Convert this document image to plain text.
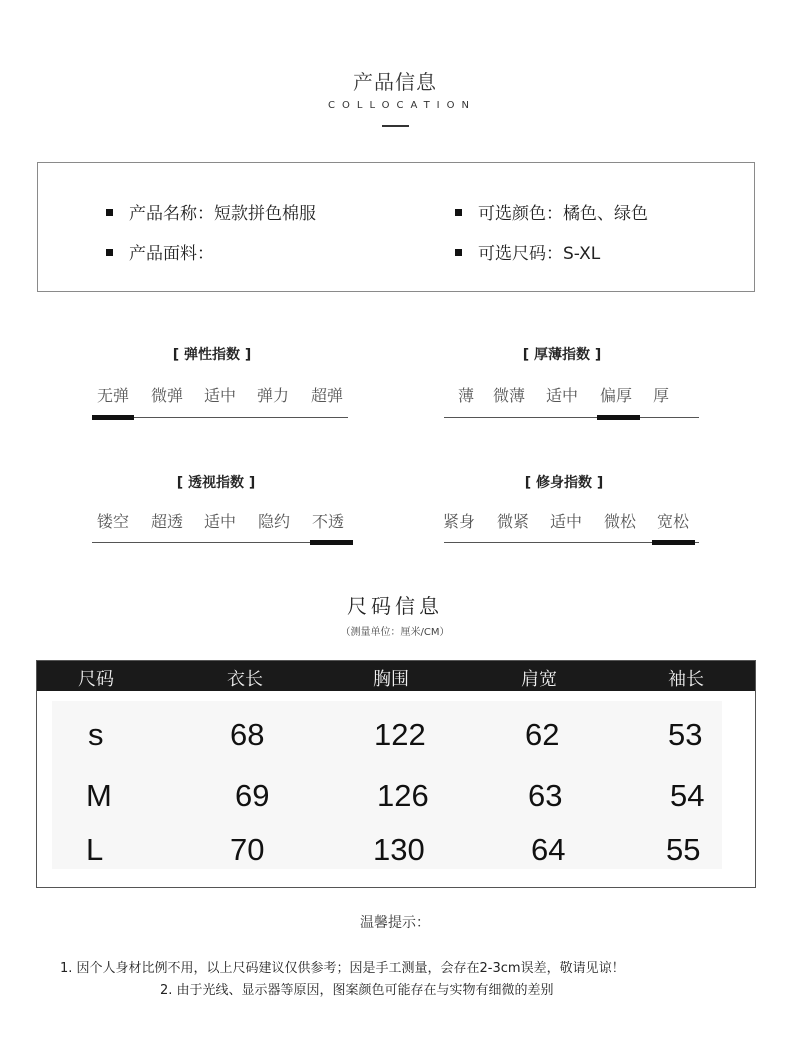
产品信息
COLLOCATION
产品名称：短款拼色棉服
产品面料：
可选颜色：橘色、绿色
可选尺码：S-XL
[ 弹性指数 ]
无弹 微弹 适中 弹力 超弹
[ 厚薄指数 ]
薄 微薄 适中 偏厚 厚
[ 透视指数 ]
镂空 超透 适中 隐约 不透
[ 修身指数 ]
紧身 微紧 适中 微松 宽松
尺码信息
（测量单位：厘米/CM）
尺码	衣长	胸围	肩宽	袖长
s	68	122	62	53
M	69	126	63	54
L	70	130	64	55
温馨提示：
1. 因个人身材比例不用，以上尺码建议仅供参考；因是手工测量，会存在2-3cm误差，敬请见谅！
2. 由于光线、显示器等原因，图案颜色可能存在与实物有细微的差别
